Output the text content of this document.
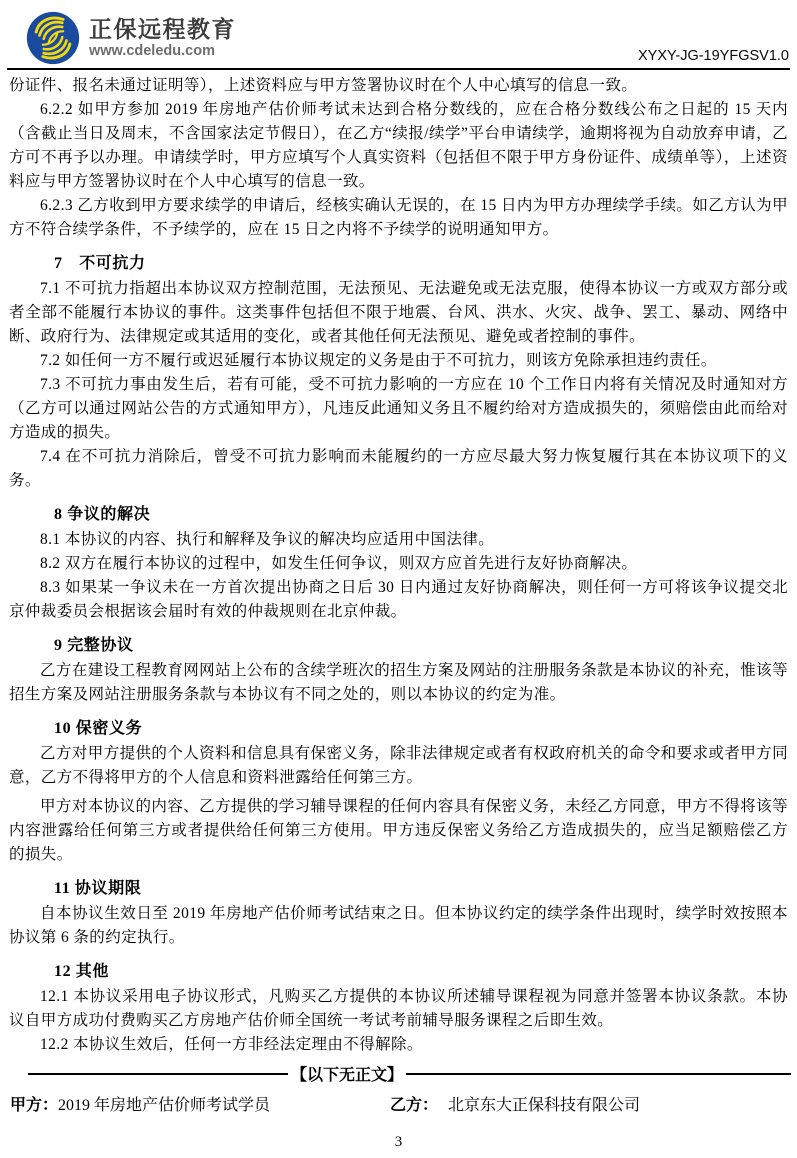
正保远程教育
www.cdeledu.com	XYXY-JG-19YFGSV1.0

份证件、报名未通过证明等），上述资料应与甲方签署协议时在个人中心填写的信息一致。

6.2.2 如甲方参加 2019 年房地产估价师考试未达到合格分数线的，应在合格分数线公布之日起的 15 天内（含截止当日及周末，不含国家法定节假日），在乙方“续报/续学”平台申请续学，逾期将视为自动放弃申请，乙方可不再予以办理。申请续学时，甲方应填写个人真实资料（包括但不限于甲方身份证件、成绩单等），上述资料应与甲方签署协议时在个人中心填写的信息一致。

6.2.3 乙方收到甲方要求续学的申请后，经核实确认无误的，在 15 日内为甲方办理续学手续。如乙方认为甲方不符合续学条件，不予续学的，应在 15 日之内将不予续学的说明通知甲方。

7　不可抗力

7.1 不可抗力指超出本协议双方控制范围，无法预见、无法避免或无法克服，使得本协议一方或双方部分或者全部不能履行本协议的事件。这类事件包括但不限于地震、台风、洪水、火灾、战争、罢工、暴动、网络中断、政府行为、法律规定或其适用的变化，或者其他任何无法预见、避免或者控制的事件。

7.2 如任何一方不履行或迟延履行本协议规定的义务是由于不可抗力，则该方免除承担违约责任。

7.3 不可抗力事由发生后，若有可能，受不可抗力影响的一方应在 10 个工作日内将有关情况及时通知对方（乙方可以通过网站公告的方式通知甲方），凡违反此通知义务且不履约给对方造成损失的，须赔偿由此而给对方造成的损失。

7.4 在不可抗力消除后，曾受不可抗力影响而未能履约的一方应尽最大努力恢复履行其在本协议项下的义务。

8 争议的解决

8.1 本协议的内容、执行和解释及争议的解决均应适用中国法律。

8.2 双方在履行本协议的过程中，如发生任何争议，则双方应首先进行友好协商解决。

8.3 如果某一争议未在一方首次提出协商之日后 30 日内通过友好协商解决，则任何一方可将该争议提交北京仲裁委员会根据该会届时有效的仲裁规则在北京仲裁。

9 完整协议

乙方在建设工程教育网网站上公布的含续学班次的招生方案及网站的注册服务条款是本协议的补充，惟该等招生方案及网站注册服务条款与本协议有不同之处的，则以本协议的约定为准。

10 保密义务

乙方对甲方提供的个人资料和信息具有保密义务，除非法律规定或者有权政府机关的命令和要求或者甲方同意，乙方不得将甲方的个人信息和资料泄露给任何第三方。

甲方对本协议的内容、乙方提供的学习辅导课程的任何内容具有保密义务，未经乙方同意，甲方不得将该等内容泄露给任何第三方或者提供给任何第三方使用。甲方违反保密义务给乙方造成损失的，应当足额赔偿乙方的损失。

11 协议期限

自本协议生效日至 2019 年房地产估价师考试结束之日。但本协议约定的续学条件出现时，续学时效按照本协议第 6 条的约定执行。

12 其他

12.1 本协议采用电子协议形式，凡购买乙方提供的本协议所述辅导课程视为同意并签署本协议条款。本协议自甲方成功付费购买乙方房地产估价师全国统一考试考前辅导服务课程之后即生效。

12.2 本协议生效后，任何一方非经法定理由不得解除。

【以下无正文】
甲方：2019 年房地产估价师考试学员	乙方： 北京东大正保科技有限公司
3
